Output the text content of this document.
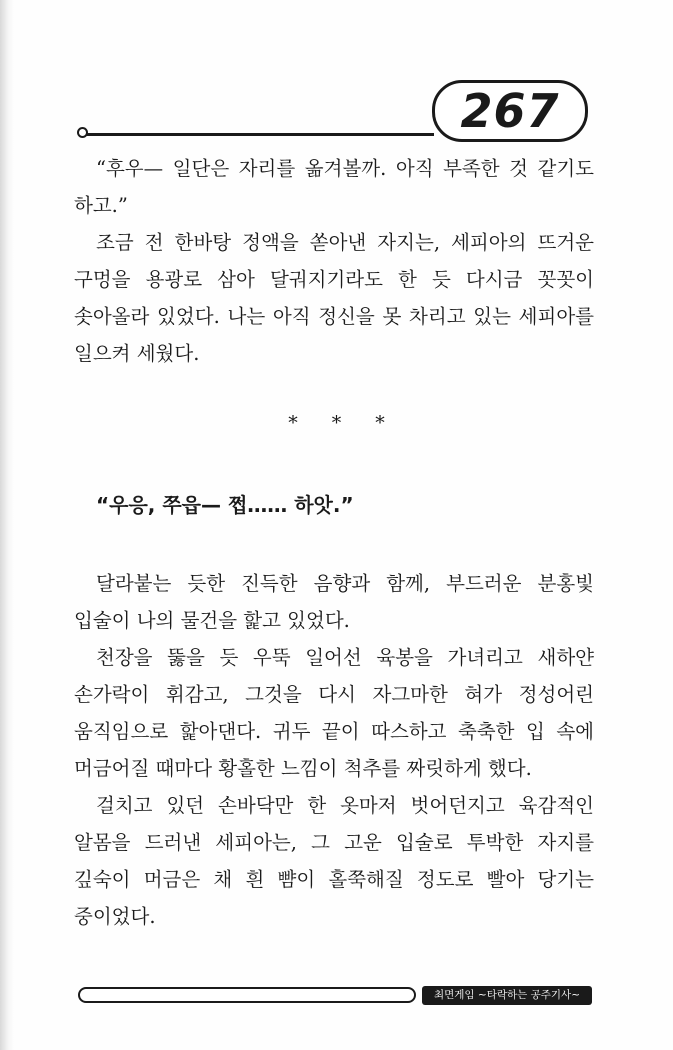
267

“후우— 일단은 자리를 옮겨볼까. 아직 부족한 것 같기도 하고.”

조금 전 한바탕 정액을 쏟아낸 자지는, 세피아의 뜨거운 구멍을 용광로 삼아 달궈지기라도 한 듯 다시금 꼿꼿이 솟아올라 있었다. 나는 아직 정신을 못 차리고 있는 세피아를 일으켜 세웠다.

* * *

“우응, 쭈읍— 쩝…… 하앗.”

달라붙는 듯한 진득한 음향과 함께, 부드러운 분홍빛 입술이 나의 물건을 핥고 있었다.

천장을 뚫을 듯 우뚝 일어선 육봉을 가녀리고 새하얀 손가락이 휘감고, 그것을 다시 자그마한 혀가 정성어린 움직임으로 핥아댄다. 귀두 끝이 따스하고 축축한 입 속에 머금어질 때마다 황홀한 느낌이 척추를 짜릿하게 했다.

걸치고 있던 손바닥만 한 옷마저 벗어던지고 육감적인 알몸을 드러낸 세피아는, 그 고운 입술로 투박한 자지를 깊숙이 머금은 채 흰 뺨이 홀쭉해질 정도로 빨아 당기는 중이었다.

최면게임 ~타락하는 공주기사~
